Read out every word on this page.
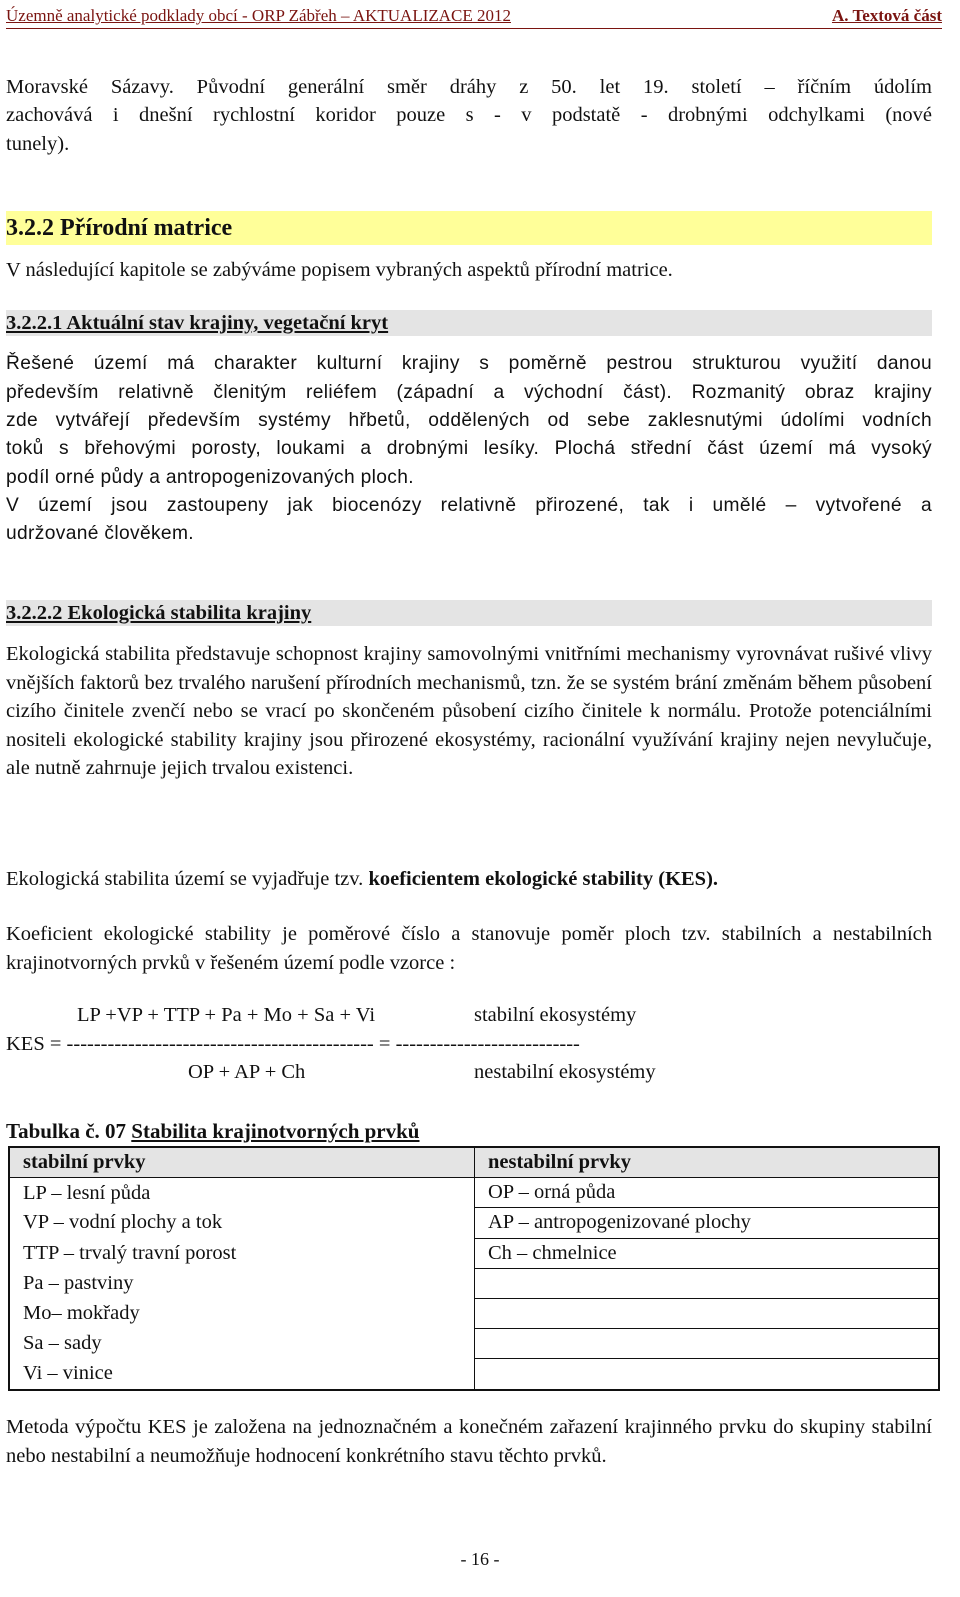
Územně analytické podklady obcí - ORP Zábřeh – AKTUALIZACE 2012	A. Textová část

Moravské Sázavy. Původní generální směr dráhy z 50. let 19. století – říčním údolím

zachovává i dnešní rychlostní koridor pouze s - v podstatě - drobnými odchylkami (nové

tunely).

3.2.2 Přírodní matrice

V následující kapitole se zabýváme popisem vybraných aspektů přírodní matrice.

3.2.2.1 Aktuální stav krajiny, vegetační kryt

Řešené území má charakter kulturní krajiny s poměrně pestrou strukturou využití danou

především relativně členitým reliéfem (západní a východní část). Rozmanitý obraz krajiny

zde vytvářejí především systémy hřbetů, oddělených od sebe zaklesnutými údolími vodních

toků s břehovými porosty, loukami a drobnými lesíky. Plochá střední část území má vysoký

podíl orné půdy a antropogenizovaných ploch.

V území jsou zastoupeny jak biocenózy relativně přirozené, tak i umělé – vytvořené a

udržované člověkem.

3.2.2.2 Ekologická stabilita krajiny

Ekologická stabilita představuje schopnost krajiny samovolnými vnitřními mechanismy vyrovnávat rušivé vlivy vnějších faktorů bez trvalého narušení přírodních mechanismů, tzn. že se systém brání změnám během působení cizího činitele zvenčí nebo se vrací po skončeném působení cizího činitele k normálu. Protože potenciálními nositeli ekologické stability krajiny jsou přirozené ekosystémy, racionální využívání krajiny nejen nevylučuje, ale nutně zahrnuje jejich trvalou existenci.

Ekologická stabilita území se vyjadřuje tzv. koeficientem ekologické stability (KES).

Koeficient ekologické stability je poměrové číslo a stanovuje poměr ploch tzv. stabilních a nestabilních krajinotvorných prvků v řešeném území podle vzorce :

LP +VP + TTP + Pa + Mo + Sa + Vi	stabilní ekosystémy
KES = --------------------------------------------- = ---------------------------
OP + AP + Ch	nestabilní ekosystémy
Tabulka č. 07 Stabilita krajinotvorných prvků
stabilní prvky	nestabilní prvky
LP – lesní půda	OP – orná půda
VP – vodní plochy a tok	AP – antropogenizované plochy
TTP – trvalý travní porost	Ch – chmelnice
Pa – pastviny	
Mo– mokřady	
Sa – sady	
Vi – vinice	

Metoda výpočtu KES je založena na jednoznačném a konečném zařazení krajinného prvku do skupiny stabilní nebo nestabilní a neumožňuje hodnocení konkrétního stavu těchto prvků.

- 16 -
